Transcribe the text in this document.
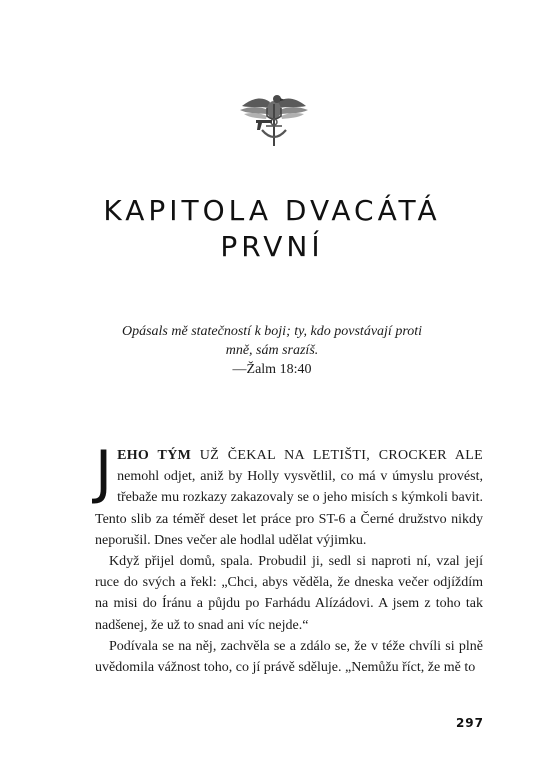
KAPITOLA DVACÁTÁ
PRVNÍ
Opásals mě statečností k boji; ty, kdo povstávají proti
mně, sám srazíš.
—Žalm 18:40

JEHO TÝM UŽ ČEKAL NA LETIŠTI, CROCKER ALE nemohl odjet, aniž by Holly vysvětlil, co má v úmyslu provést, třebaže mu rozkazy zakazovaly se o jeho misích s kýmkoli bavit. Tento slib za téměř deset let práce pro ST-6 a Černé družstvo nikdy neporušil. Dnes večer ale hodlal udělat výjimku.

Když přijel domů, spala. Probudil ji, sedl si naproti ní, vzal její ruce do svých a řekl: „Chci, abys věděla, že dneska večer odjíždím na misi do Íránu a půjdu po Farhádu Alízádovi. A jsem z toho tak nadšenej, že už to snad ani víc nejde.“

Podívala se na něj, zachvěla se a zdálo se, že v téže chvíli si plně uvědomila vážnost toho, co jí právě sděluje. „Nemůžu říct, že mě to

297
